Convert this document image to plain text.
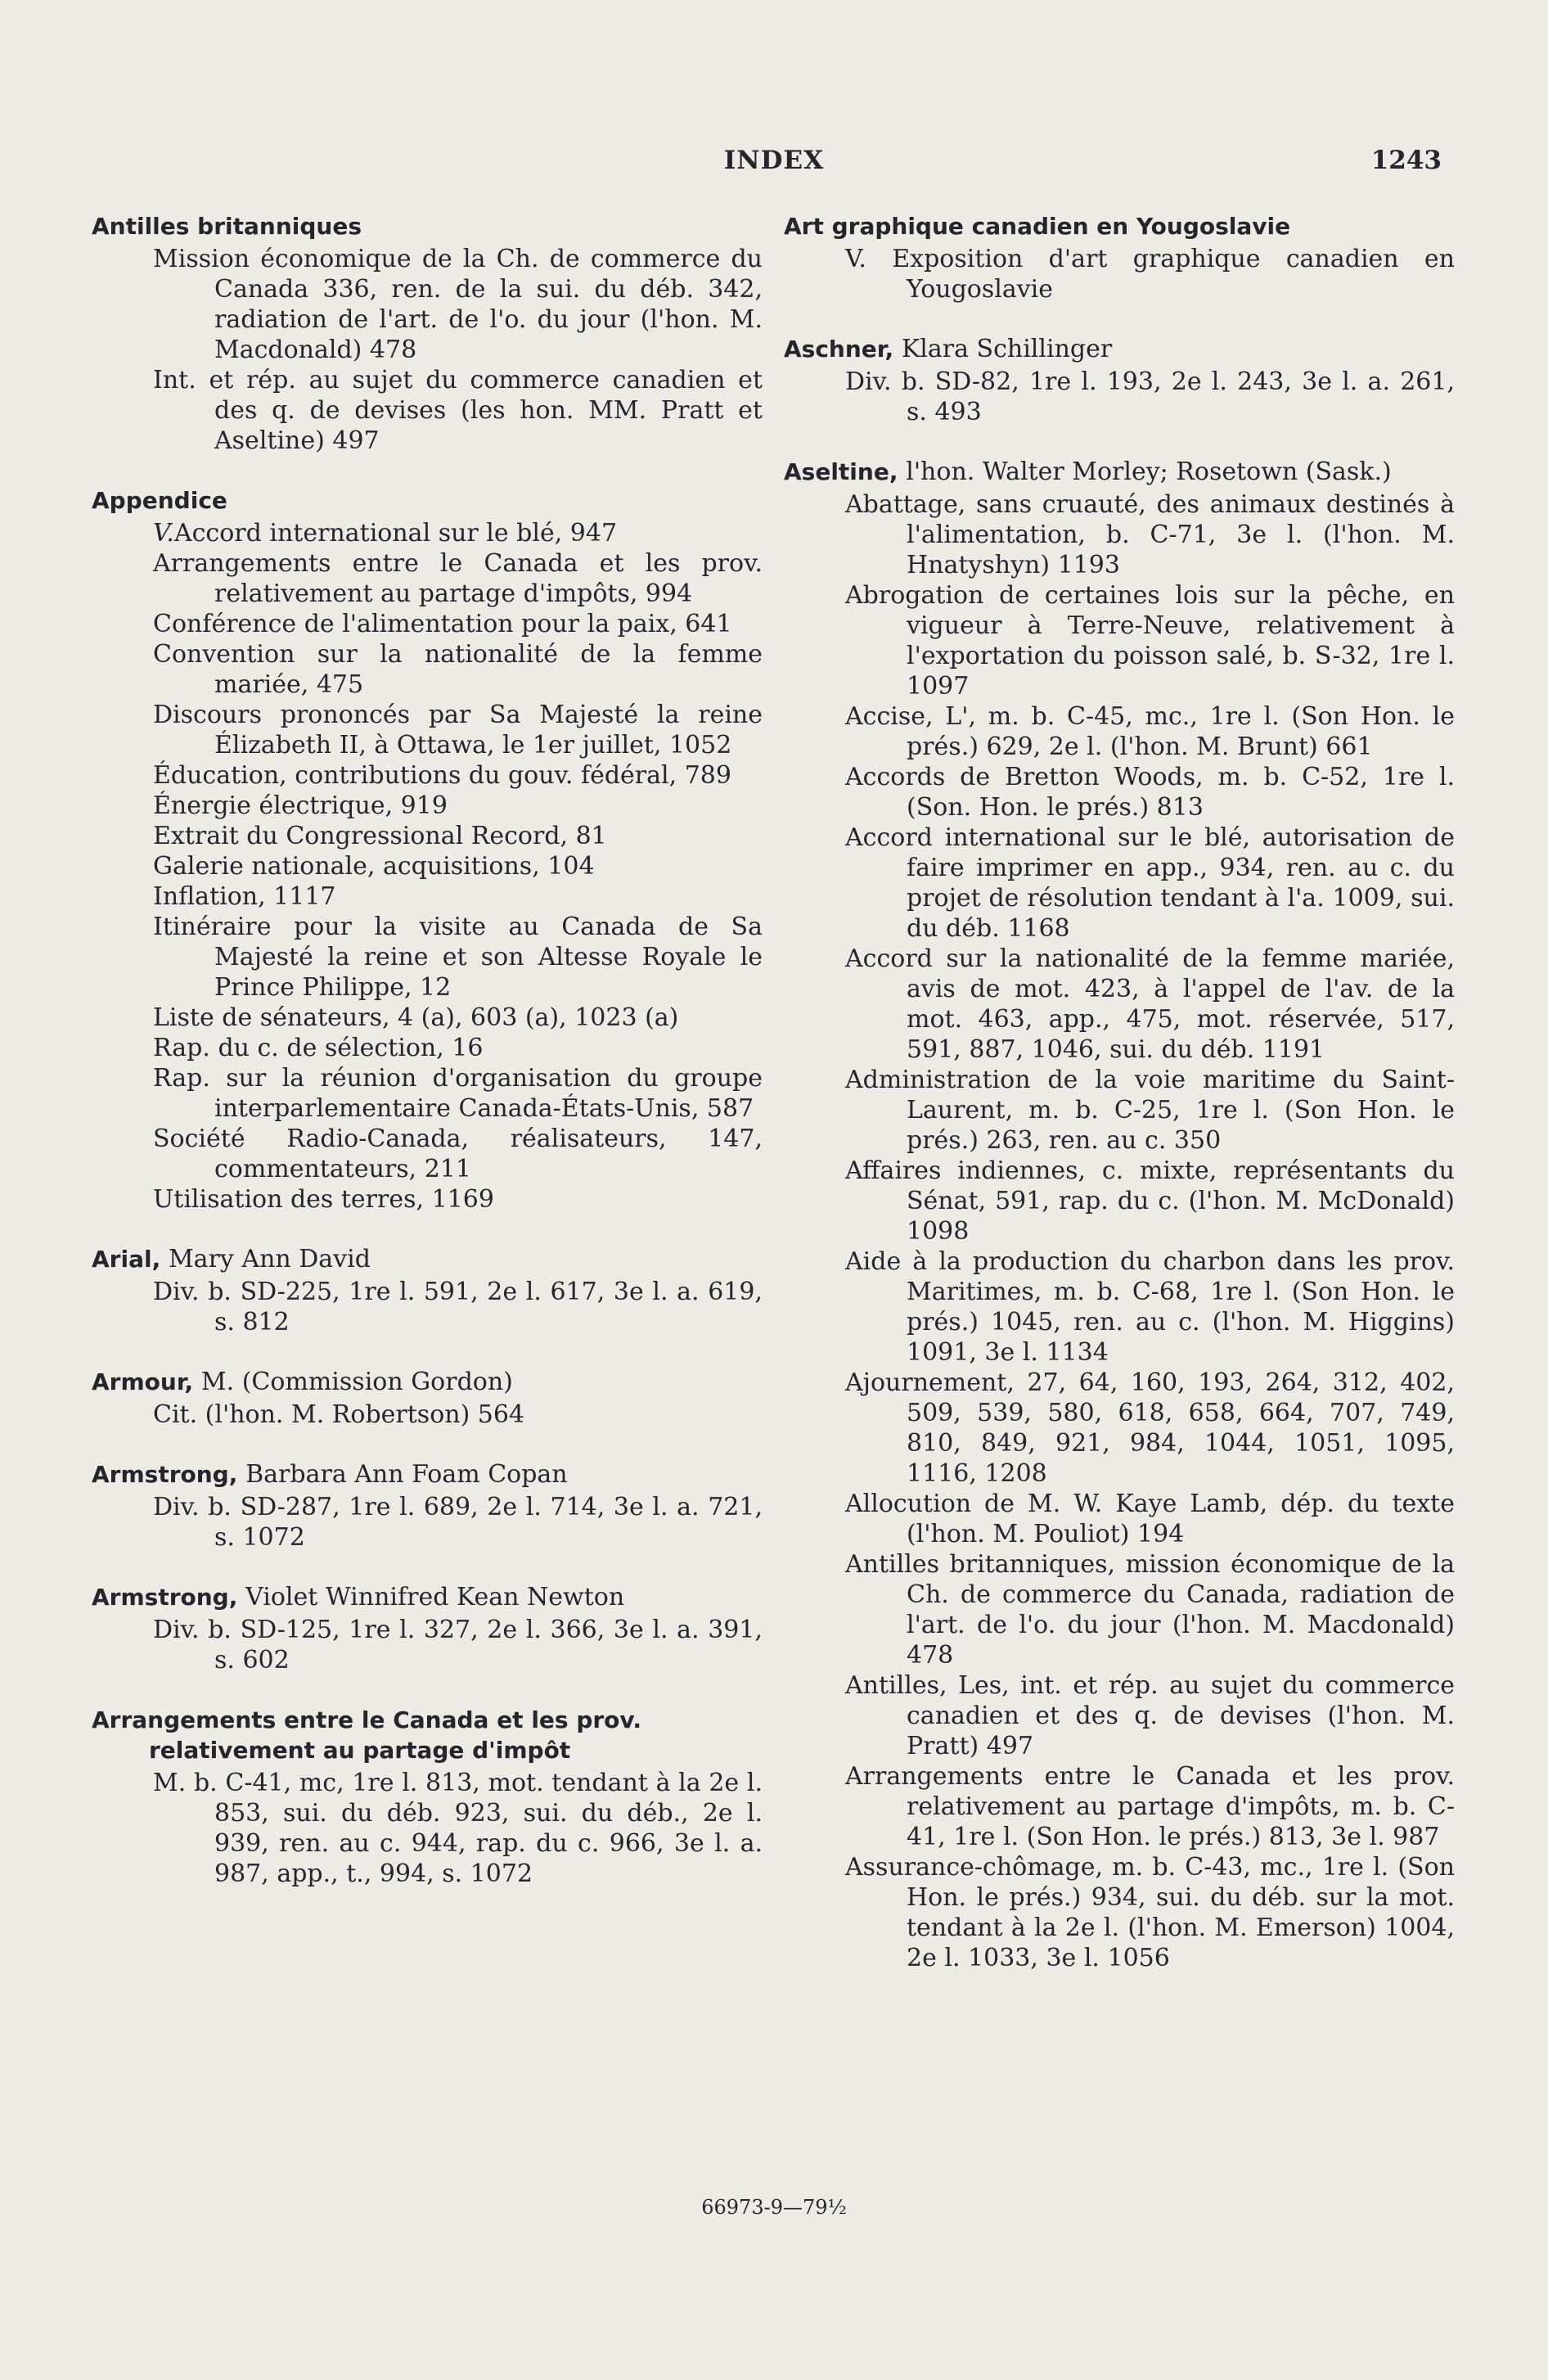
INDEX	1243
Antilles britanniques
Mission économique de la Ch. de commerce du Canada 336, ren. de la sui. du déb. 342, radiation de l'art. de l'o. du jour (l'hon. M. Macdonald) 478
Int. et rép. au sujet du commerce canadien et des q. de devises (les hon. MM. Pratt et Aseltine) 497
Appendice
V.Accord international sur le blé, 947
Arrangements entre le Canada et les prov. relativement au partage d'impôts, 994
Conférence de l'alimentation pour la paix, 641
Convention sur la nationalité de la femme mariée, 475
Discours prononcés par Sa Majesté la reine Élizabeth II, à Ottawa, le 1er juillet, 1052
Éducation, contributions du gouv. fédéral, 789
Énergie électrique, 919
Extrait du Congressional Record, 81
Galerie nationale, acquisitions, 104
Inflation, 1117
Itinéraire pour la visite au Canada de Sa Majesté la reine et son Altesse Royale le Prince Philippe, 12
Liste de sénateurs, 4 (a), 603 (a), 1023 (a)
Rap. du c. de sélection, 16
Rap. sur la réunion d'organisation du groupe interparlementaire Canada-États-Unis, 587
Société Radio-Canada, réalisateurs, 147, commentateurs, 211
Utilisation des terres, 1169
Arial, Mary Ann David
Div. b. SD-225, 1re l. 591, 2e l. 617, 3e l. a. 619, s. 812
Armour, M. (Commission Gordon)
Cit. (l'hon. M. Robertson) 564
Armstrong, Barbara Ann Foam Copan
Div. b. SD-287, 1re l. 689, 2e l. 714, 3e l. a. 721, s. 1072
Armstrong, Violet Winnifred Kean Newton
Div. b. SD-125, 1re l. 327, 2e l. 366, 3e l. a. 391, s. 602
Arrangements entre le Canada et les prov. relativement au partage d'impôt
M. b. C-41, mc, 1re l. 813, mot. tendant à la 2e l. 853, sui. du déb. 923, sui. du déb., 2e l. 939, ren. au c. 944, rap. du c. 966, 3e l. a. 987, app., t., 994, s. 1072
Art graphique canadien en Yougoslavie
V. Exposition d'art graphique canadien en Yougoslavie
Aschner, Klara Schillinger
Div. b. SD-82, 1re l. 193, 2e l. 243, 3e l. a. 261, s. 493
Aseltine, l'hon. Walter Morley; Rosetown (Sask.)
Abattage, sans cruauté, des animaux destinés à l'alimentation, b. C-71, 3e l. (l'hon. M. Hnatyshyn) 1193
Abrogation de certaines lois sur la pêche, en vigueur à Terre-Neuve, relativement à l'exportation du poisson salé, b. S-32, 1re l. 1097
Accise, L', m. b. C-45, mc., 1re l. (Son Hon. le prés.) 629, 2e l. (l'hon. M. Brunt) 661
Accords de Bretton Woods, m. b. C-52, 1re l. (Son. Hon. le prés.) 813
Accord international sur le blé, autorisation de faire imprimer en app., 934, ren. au c. du projet de résolution tendant à l'a. 1009, sui. du déb. 1168
Accord sur la nationalité de la femme mariée, avis de mot. 423, à l'appel de l'av. de la mot. 463, app., 475, mot. réservée, 517, 591, 887, 1046, sui. du déb. 1191
Administration de la voie maritime du Saint-Laurent, m. b. C-25, 1re l. (Son Hon. le prés.) 263, ren. au c. 350
Affaires indiennes, c. mixte, représentants du Sénat, 591, rap. du c. (l'hon. M. McDonald) 1098
Aide à la production du charbon dans les prov. Maritimes, m. b. C-68, 1re l. (Son Hon. le prés.) 1045, ren. au c. (l'hon. M. Higgins) 1091, 3e l. 1134
Ajournement, 27, 64, 160, 193, 264, 312, 402, 509, 539, 580, 618, 658, 664, 707, 749, 810, 849, 921, 984, 1044, 1051, 1095, 1116, 1208
Allocution de M. W. Kaye Lamb, dép. du texte (l'hon. M. Pouliot) 194
Antilles britanniques, mission économique de la Ch. de commerce du Canada, radiation de l'art. de l'o. du jour (l'hon. M. Macdonald) 478
Antilles, Les, int. et rép. au sujet du commerce canadien et des q. de devises (l'hon. M. Pratt) 497
Arrangements entre le Canada et les prov. relativement au partage d'impôts, m. b. C-41, 1re l. (Son Hon. le prés.) 813, 3e l. 987
Assurance-chômage, m. b. C-43, mc., 1re l. (Son Hon. le prés.) 934, sui. du déb. sur la mot. tendant à la 2e l. (l'hon. M. Emerson) 1004, 2e l. 1033, 3e l. 1056
66973-9—79½
